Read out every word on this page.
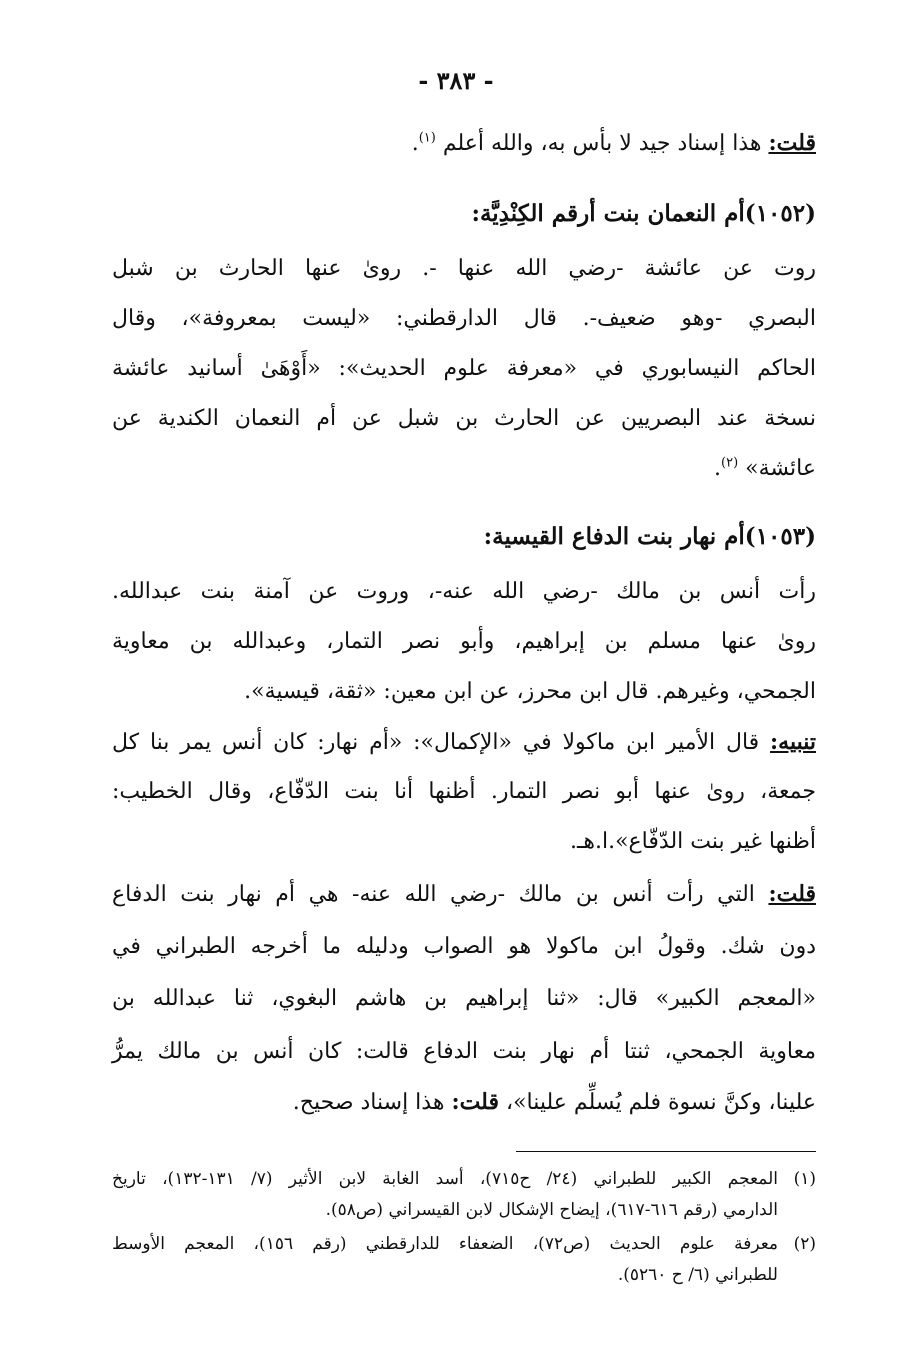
- ٣٨٣ -
قلت: هذا إسناد جيد لا بأس به، والله أعلم $^{(١)}$.
(١٠٥٢)أم النعمان بنت أرقم الكِنْدِيَّة:
روت عن عائشة -رضي الله عنها -. روىٰ عنها الحارث بن شبل
البصري -وهو ضعيف-. قال الدارقطني: «ليست بمعروفة»، وقال
الحاكم النيسابوري في «معرفة علوم الحديث»: «أَوْهَىٰ أسانيد عائشة
نسخة عند البصريين عن الحارث بن شبل عن أم النعمان الكندية عن
عائشة» $^{(٢)}$.
(١٠٥٣)أم نهار بنت الدفاع القيسية:
رأت أنس بن مالك -رضي الله عنه-، وروت عن آمنة بنت عبدالله.
روىٰ عنها مسلم بن إبراهيم، وأبو نصر التمار، وعبدالله بن معاوية
الجمحي، وغيرهم. قال ابن محرز، عن ابن معين: «ثقة، قيسية».
تنبيه: قال الأمير ابن ماكولا في «الإكمال»: «أم نهار: كان أنس يمر بنا كل
جمعة، روىٰ عنها أبو نصر التمار. أظنها أنا بنت الدّفّاع، وقال الخطيب:
أظنها غير بنت الدّفّاع».ا.هـ.
قلت: التي رأت أنس بن مالك -رضي الله عنه- هي أم نهار بنت الدفاع
دون شك. وقولُ ابن ماكولا هو الصواب ودليله ما أخرجه الطبراني في
«المعجم الكبير» قال: «ثنا إبراهيم بن هاشم البغوي، ثنا عبدالله بن
معاوية الجمحي، ثنتا أم نهار بنت الدفاع قالت: كان أنس بن مالك يمرُّ
علينا، وكنَّ نسوة فلم يُسلِّم علينا»، قلت: هذا إسناد صحيح.
(١)
المعجم الكبير للطبراني (٢٤/ ح٧١٥)، أسد الغابة لابن الأثير (٧/ ١٣١-١٣٢)، تاريخ
الدارمي (رقم ٦١٦-٦١٧)، إيضاح الإشكال لابن القيسراني (ص٥٨).
(٢)
معرفة علوم الحديث (ص٧٢)، الضعفاء للدارقطني (رقم ١٥٦)، المعجم الأوسط
للطبراني (٦/ ح ٥٢٦٠).
